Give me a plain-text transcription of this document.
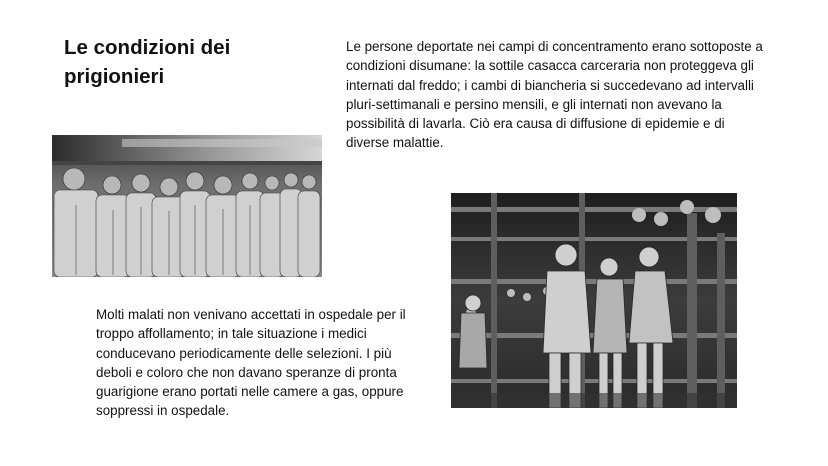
Le condizioni dei
prigionieri
Le persone deportate nei campi di concentramento erano sottoposte a condizioni disumane: la sottile casacca carceraria non proteggeva gli internati dal freddo; i cambi di biancheria si succedevano ad intervalli pluri-settimanali e persino mensili, e gli internati non avevano la possibilità di lavarla. Ciò era causa di diffusione di epidemie e di diverse malattie.
Molti malati non venivano accettati in ospedale per il troppo affollamento; in tale situazione i medici conducevano periodicamente delle selezioni. I più deboli e coloro che non davano speranze di pronta guarigione erano portati nelle camere a gas, oppure soppressi in ospedale.
